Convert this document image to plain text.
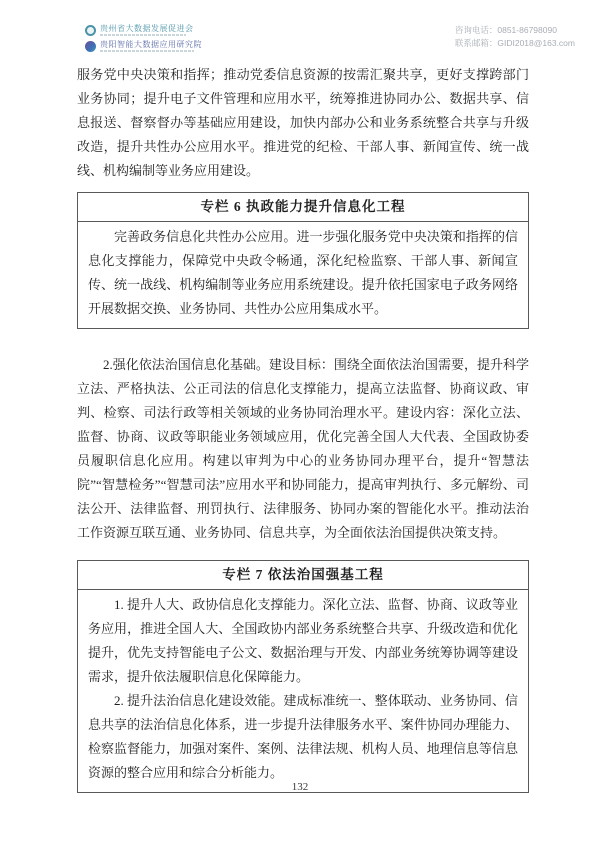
贵州省大数据发展促进会
贵阳智能大数据应用研究院
咨询电话：0851-86798090
联系邮箱：GIDI2018@163.com

服务党中央决策和指挥；推动党委信息资源的按需汇聚共享，更好支撑跨部门业务协同；提升电子文件管理和应用水平，统筹推进协同办公、数据共享、信息报送、督察督办等基础应用建设，加快内部办公和业务系统整合共享与升级改造，提升共性办公应用水平。推进党的纪检、干部人事、新闻宣传、统一战线、机构编制等业务应用建设。

专栏 6 执政能力提升信息化工程

完善政务信息化共性办公应用。进一步强化服务党中央决策和指挥的信息化支撑能力，保障党中央政令畅通，深化纪检监察、干部人事、新闻宣传、统一战线、机构编制等业务应用系统建设。提升依托国家电子政务网络开展数据交换、业务协同、共性办公应用集成水平。

2.强化依法治国信息化基础。建设目标：围绕全面依法治国需要，提升科学立法、严格执法、公正司法的信息化支撑能力，提高立法监督、协商议政、审判、检察、司法行政等相关领域的业务协同治理水平。建设内容：深化立法、监督、协商、议政等职能业务领域应用，优化完善全国人大代表、全国政协委员履职信息化应用。构建以审判为中心的业务协同办理平台，提升“智慧法院”“智慧检务”“智慧司法”应用水平和协同能力，提高审判执行、多元解纷、司法公开、法律监督、刑罚执行、法律服务、协同办案的智能化水平。推动法治工作资源互联互通、业务协同、信息共享，为全面依法治国提供决策支持。

专栏 7 依法治国强基工程

1. 提升人大、政协信息化支撑能力。深化立法、监督、协商、议政等业务应用，推进全国人大、全国政协内部业务系统整合共享、升级改造和优化提升，优先支持智能电子公文、数据治理与开发、内部业务统筹协调等建设需求，提升依法履职信息化保障能力。

2. 提升法治信息化建设效能。建成标准统一、整体联动、业务协同、信息共享的法治信息化体系，进一步提升法律服务水平、案件协同办理能力、检察监督能力，加强对案件、案例、法律法规、机构人员、地理信息等信息资源的整合应用和综合分析能力。

132
